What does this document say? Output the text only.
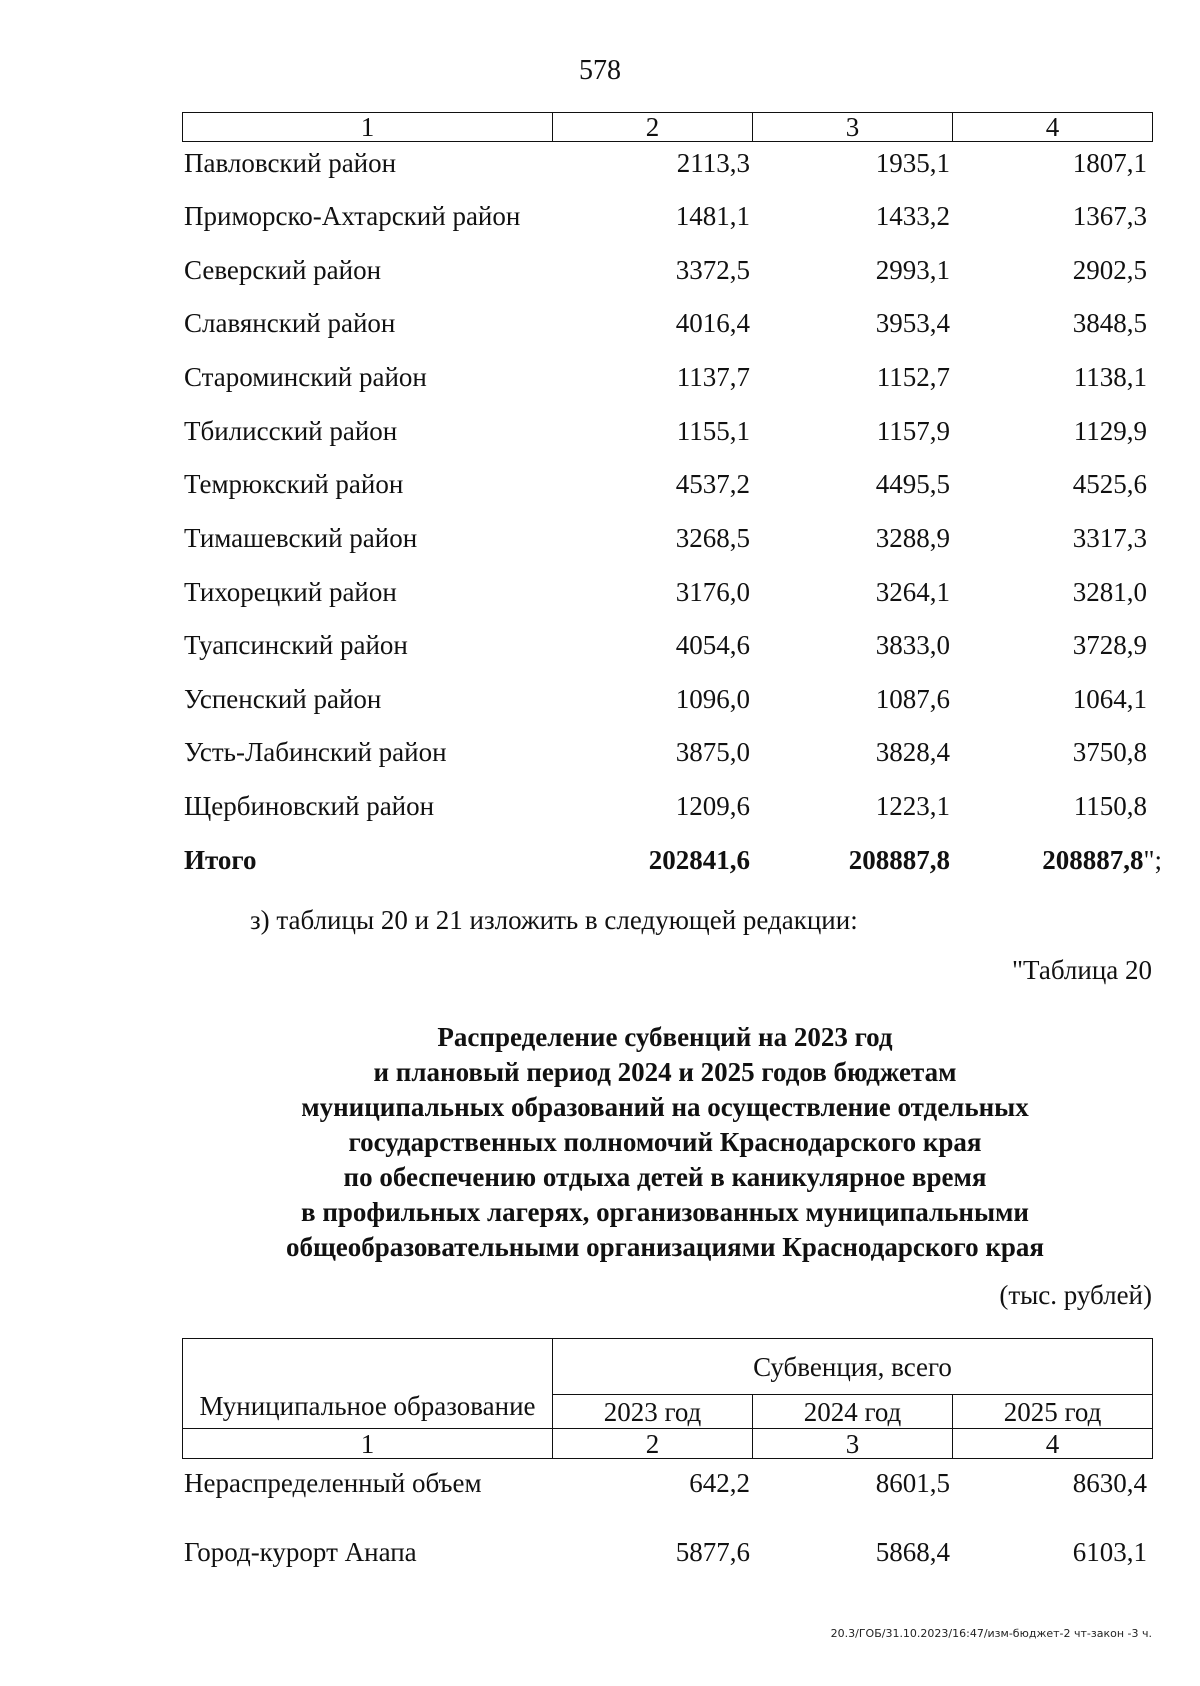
578
1	2	3	4
Павловский район	2113,3	1935,1	1807,1
Приморско-Ахтарский район	1481,1	1433,2	1367,3
Северский район	3372,5	2993,1	2902,5
Славянский район	4016,4	3953,4	3848,5
Староминский район	1137,7	1152,7	1138,1
Тбилисский район	1155,1	1157,9	1129,9
Темрюкский район	4537,2	4495,5	4525,6
Тимашевский район	3268,5	3288,9	3317,3
Тихорецкий район	3176,0	3264,1	3281,0
Туапсинский район	4054,6	3833,0	3728,9
Успенский район	1096,0	1087,6	1064,1
Усть-Лабинский район	3875,0	3828,4	3750,8
Щербиновский район	1209,6	1223,1	1150,8
Итого	202841,6	208887,8	208887,8";
з) таблицы 20 и 21 изложить в следующей редакции:
"Таблица 20
Распределение субвенций на 2023 год
и плановый период 2024 и 2025 годов бюджетам
муниципальных образований на осуществление отдельных
государственных полномочий Краснодарского края
по обеспечению отдыха детей в каникулярное время
в профильных лагерях, организованных муниципальными
общеобразовательными организациями Краснодарского края
(тыс. рублей)
Муниципальное образование	Субвенция, всего		
	2023 год	2024 год	2025 год
1	2	3	4
Нераспределенный объем	642,2	8601,5	8630,4
Город-курорт Анапа	5877,6	5868,4	6103,1
20.3/ГОБ/31.10.2023/16:47/изм-бюджет-2 чт-закон -3 ч.
